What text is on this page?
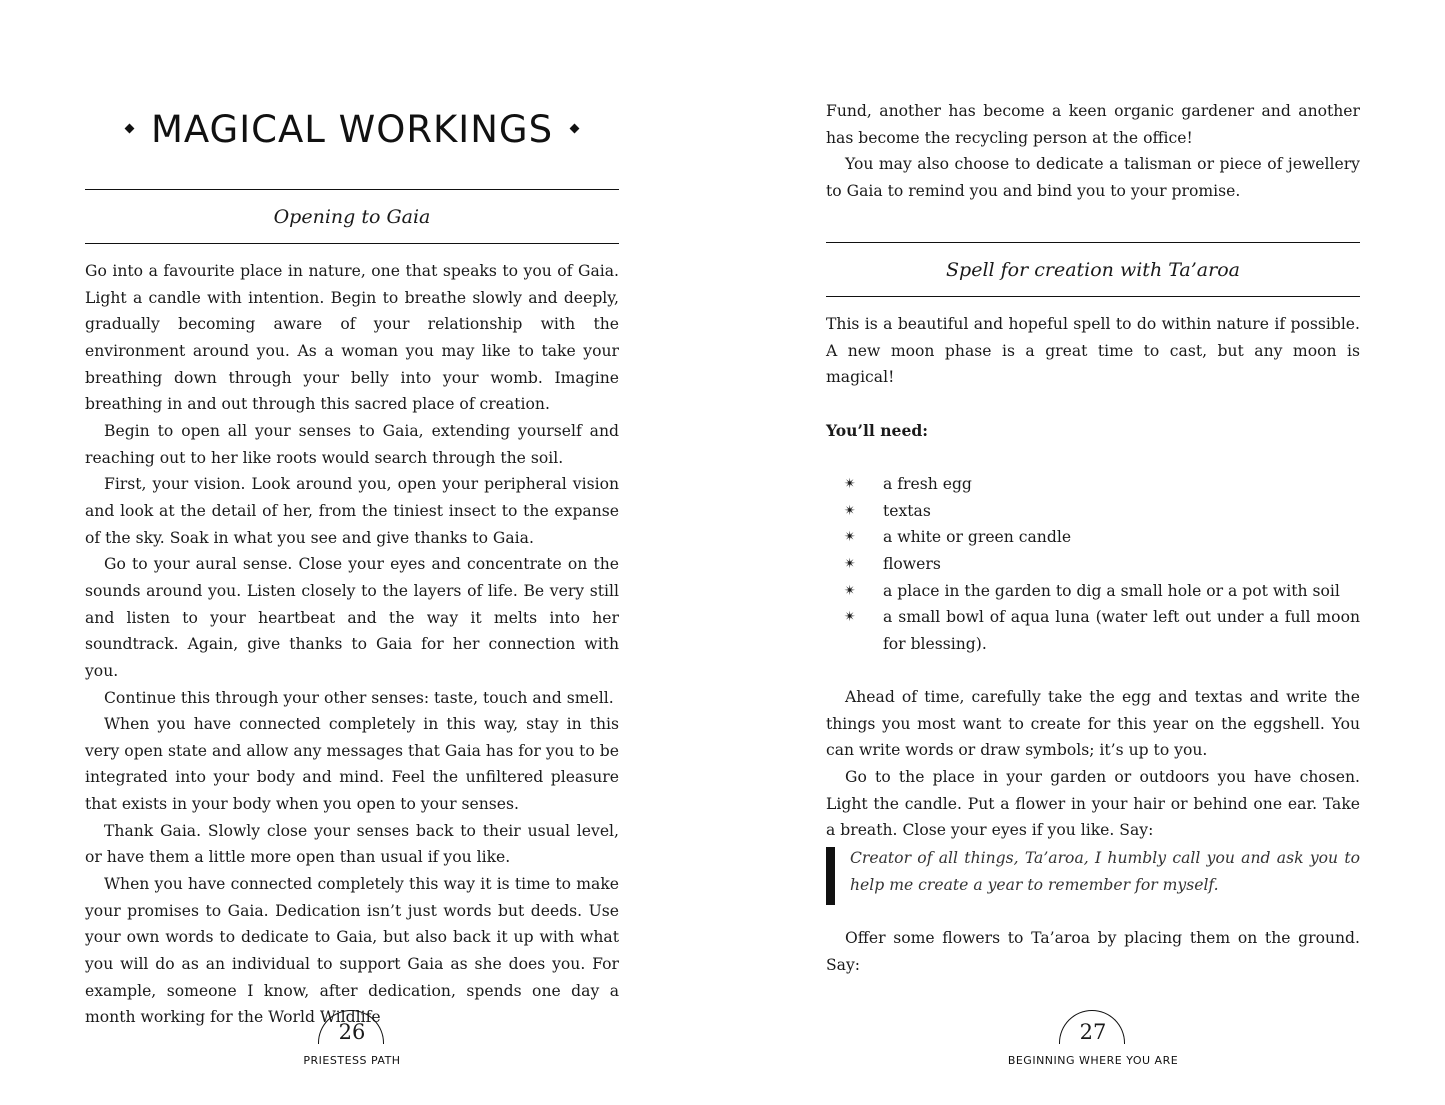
MAGICAL WORKINGS
Opening to Gaia

Go into a favourite place in nature, one that speaks to you of Gaia. Light a candle with intention. Begin to breathe slowly and deeply, gradually becoming aware of your relationship with the environment around you. As a woman you may like to take your breathing down through your belly into your womb. Imagine breathing in and out through this sacred place of creation.

Begin to open all your senses to Gaia, extending yourself and reaching out to her like roots would search through the soil.

First, your vision. Look around you, open your peripheral vision and look at the detail of her, from the tiniest insect to the expanse of the sky. Soak in what you see and give thanks to Gaia.

Go to your aural sense. Close your eyes and concentrate on the sounds around you. Listen closely to the layers of life. Be very still and listen to your heartbeat and the way it melts into her soundtrack. Again, give thanks to Gaia for her connection with you.

Continue this through your other senses: taste, touch and smell.

When you have connected completely in this way, stay in this very open state and allow any messages that Gaia has for you to be integrated into your body and mind. Feel the unfiltered pleasure that exists in your body when you open to your senses.

Thank Gaia. Slowly close your senses back to their usual level, or have them a little more open than usual if you like.

When you have connected completely this way it is time to make your promises to Gaia. Dedication isn’t just words but deeds. Use your own words to dedicate to Gaia, but also back it up with what you will do as an individual to support Gaia as she does you. For example, someone I know, after dedication, spends one day a month working for the World Wildlife

26
PRIESTESS PATH

Fund, another has become a keen organic gardener and another has become the recycling person at the office!

You may also choose to dedicate a talisman or piece of jewellery to Gaia to remind you and bind you to your promise.

Spell for creation with Ta’aroa

This is a beautiful and hopeful spell to do within nature if possible. A new moon phase is a great time to cast, but any moon is magical!

You’ll need:

✴ a fresh egg
✴ textas
✴ a white or green candle
✴ flowers
✴ a place in the garden to dig a small hole or a pot with soil
✴ a small bowl of aqua luna (water left out under a full moon for blessing).

Ahead of time, carefully take the egg and textas and write the things you most want to create for this year on the eggshell. You can write words or draw symbols; it’s up to you.

Go to the place in your garden or outdoors you have chosen. Light the candle. Put a flower in your hair or behind one ear. Take a breath. Close your eyes if you like. Say:

Creator of all things, Ta’aroa, I humbly call you and ask you to help me create a year to remember for myself.

Offer some flowers to Ta’aroa by placing them on the ground. Say:

27
BEGINNING WHERE YOU ARE
